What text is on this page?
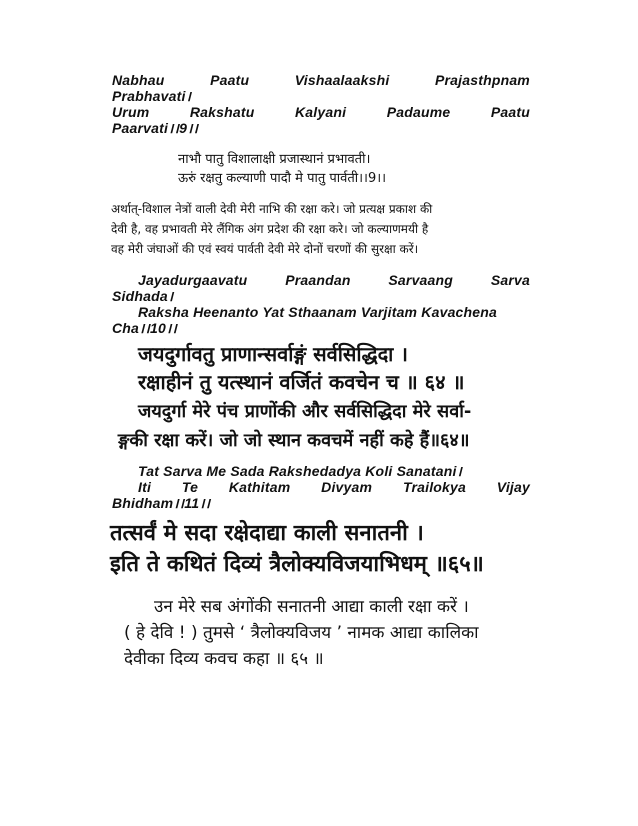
Nabhau	Paatu	Vishaalaakshi	Prajasthpnam
Prabhavati।
Urum	Rakshatu	Kalyani	Padaume	Paatu
Paarvati।।9।।
नाभौ पातु विशालाक्षी प्रजास्थानं प्रभावती।
ऊरुं रक्षतु कल्याणी पादौ मे पातु पार्वती।।9।।
अर्थात्-विशाल नेत्रों वाली देवी मेरी नाभि की रक्षा करे। जो प्रत्यक्ष प्रकाश की
देवी है, वह प्रभावती मेरे लैंगिक अंग प्रदेश की रक्षा करे। जो कल्याणमयी है
वह मेरी जंघाओं की एवं स्वयं पार्वती देवी मेरे दोनों चरणों की सुरक्षा करें।
Jayadurgaavatu	Praandan	Sarvaang	Sarva
Sidhada।
Raksha Heenanto Yat Sthaanam Varjitam Kavachena
Cha।।10।।
जयदुर्गावतु प्राणान्सर्वाङ्गं सर्वसिद्धिदा ।
रक्षाहीनं तु यत्स्थानं वर्जितं कवचेन च ॥ ६४ ॥
जयदुर्गा मेरे पंच प्राणोंकी और सर्वसिद्धिदा मेरे सर्वा-
ङ्गकी रक्षा करें। जो जो स्थान कवचमें नहीं कहे हैं॥६४॥
Tat Sarva Me Sada Rakshedadya Koli Sanatani।
Iti Te Kathitam Divyam Trailokya Vijay
Bhidham।।11।।
तत्सर्वं मे सदा रक्षेदाद्या काली सनातनी ।
इति ते कथितं दिव्यं त्रैलोक्यविजयाभिधम् ॥६५॥
उन मेरे सब अंगोंकी सनातनी आद्या काली रक्षा करें ।
( हे देवि ! ) तुमसे ‘ त्रैलोक्यविजय ’ नामक आद्या कालिका
देवीका दिव्य कवच कहा ॥ ६५ ॥
